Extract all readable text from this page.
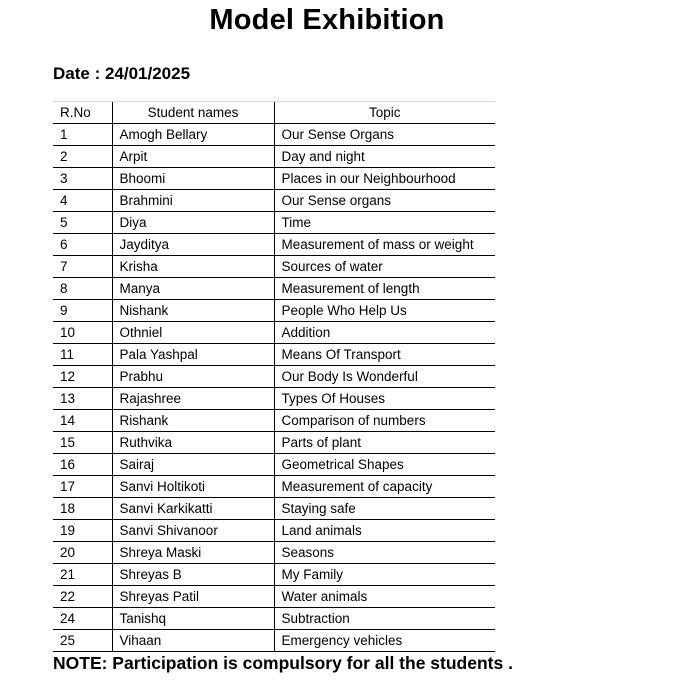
Model Exhibition
Date : 24/01/2025
R.No	Student names	Topic
1	Amogh Bellary	Our Sense Organs
2	Arpit	Day and night
3	Bhoomi	Places in our Neighbourhood
4	Brahmini	Our Sense organs
5	Diya	Time
6	Jayditya	Measurement of mass or weight
7	Krisha	Sources of water
8	Manya	Measurement of length
9	Nishank	People Who Help Us
10	Othniel	Addition
11	Pala Yashpal	Means Of Transport
12	Prabhu	Our Body Is Wonderful
13	Rajashree	Types Of Houses
14	Rishank	Comparison of numbers
15	Ruthvika	Parts of plant
16	Sairaj	Geometrical Shapes
17	Sanvi Holtikoti	Measurement of capacity
18	Sanvi Karkikatti	Staying safe
19	Sanvi Shivanoor	Land animals
20	Shreya Maski	Seasons
21	Shreyas B	My Family
22	Shreyas Patil	Water animals
24	Tanishq	Subtraction
25	Vihaan	Emergency vehicles
NOTE: Participation is compulsory for all the students .
